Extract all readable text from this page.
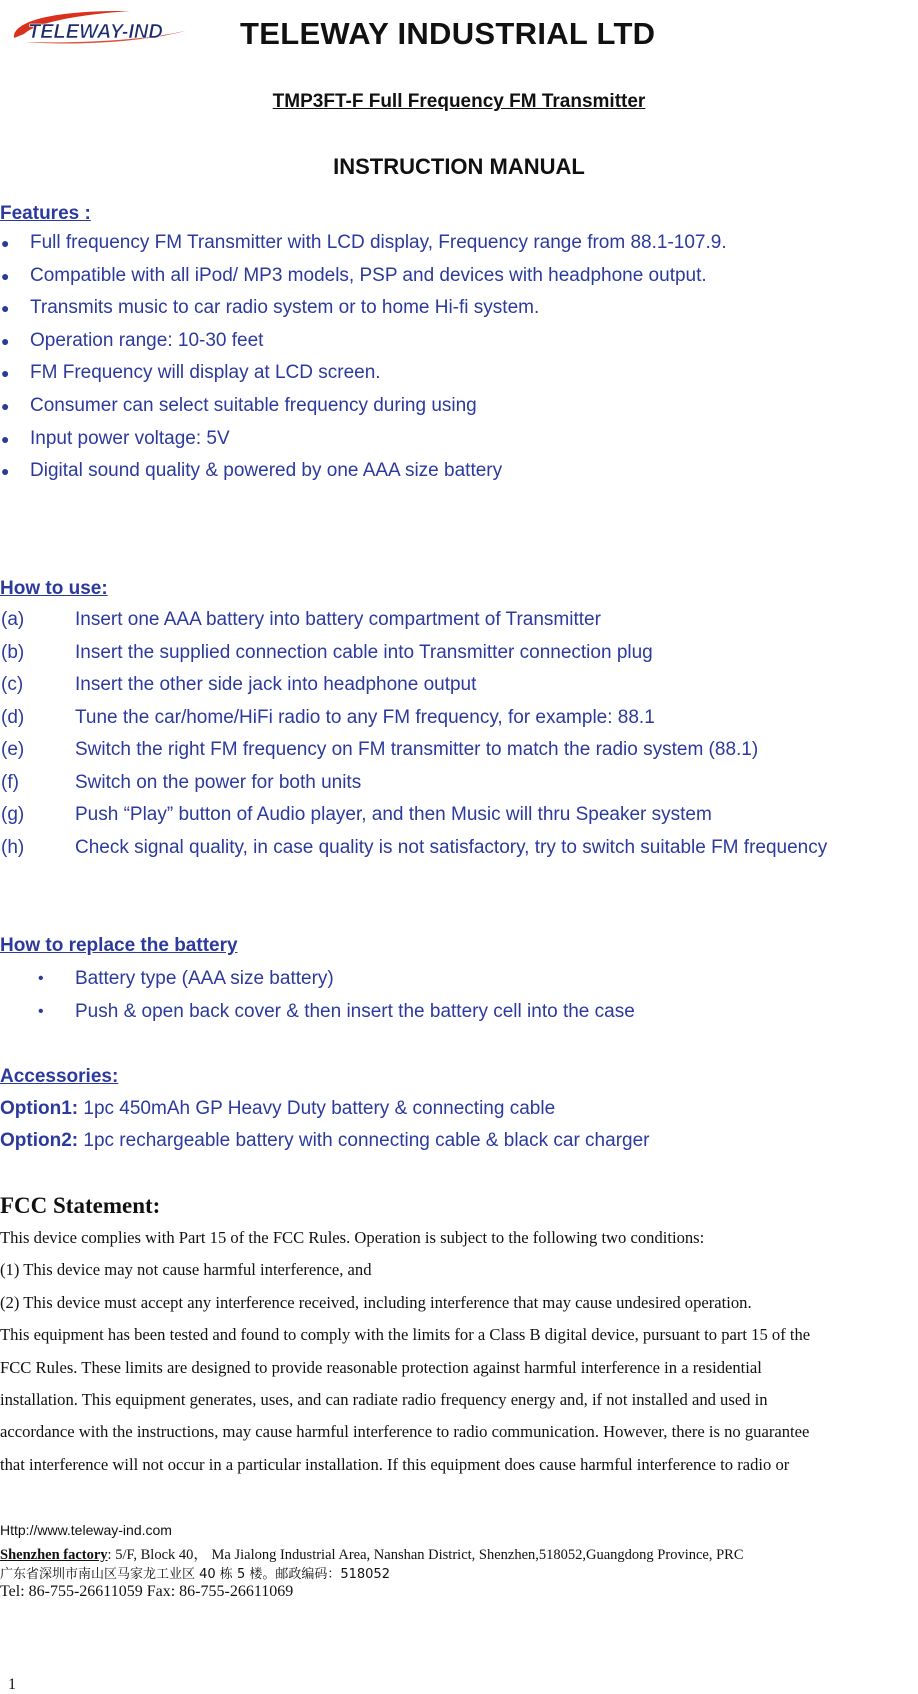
TELEWAY-IND TELEWAY INDUSTRIAL LTD
TMP3FT-F Full Frequency FM Transmitter
INSTRUCTION MANUAL
Features :
● Full frequency FM Transmitter with LCD display, Frequency range from 88.1-107.9.
● Compatible with all iPod/ MP3 models, PSP and devices with headphone output.
● Transmits music to car radio system or to home Hi-fi system.
● Operation range: 10-30 feet
● FM Frequency will display at LCD screen.
● Consumer can select suitable frequency during using
● Input power voltage: 5V
● Digital sound quality & powered by one AAA size battery
How to use:
(a)	Insert one AAA battery into battery compartment of Transmitter
(b)	Insert the supplied connection cable into Transmitter connection plug
(c)	Insert the other side jack into headphone output
(d)	Tune the car/home/HiFi radio to any FM frequency, for example: 88.1
(e)	Switch the right FM frequency on FM transmitter to match the radio system (88.1)
(f)	Switch on the power for both units
(g)	Push “Play” button of Audio player, and then Music will thru Speaker system
(h)	Check signal quality, in case quality is not satisfactory, try to switch suitable FM frequency
How to replace the battery
• Battery type (AAA size battery)
• Push & open back cover & then insert the battery cell into the case
Accessories:
Option1: 1pc 450mAh GP Heavy Duty battery & connecting cable
Option2: 1pc rechargeable battery with connecting cable & black car charger
FCC Statement:
This device complies with Part 15 of the FCC Rules. Operation is subject to the following two conditions:
(1) This device may not cause harmful interference, and
(2) This device must accept any interference received, including interference that may cause undesired operation.
This equipment has been tested and found to comply with the limits for a Class B digital device, pursuant to part 15 of the
FCC Rules. These limits are designed to provide reasonable protection against harmful interference in a residential
installation. This equipment generates, uses, and can radiate radio frequency energy and, if not installed and used in
accordance with the instructions, may cause harmful interference to radio communication. However, there is no guarantee
that interference will not occur in a particular installation. If this equipment does cause harmful interference to radio or
Http://www.teleway-ind.com
Shenzhen factory: 5/F, Block 40， Ma Jialong Industrial Area, Nanshan District, Shenzhen,518052,Guangdong Province, PRC
广东省深圳市南山区马家龙工业区 40 栋 5 楼。邮政编码：518052
Tel: 86-755-26611059 Fax: 86-755-26611069
1
